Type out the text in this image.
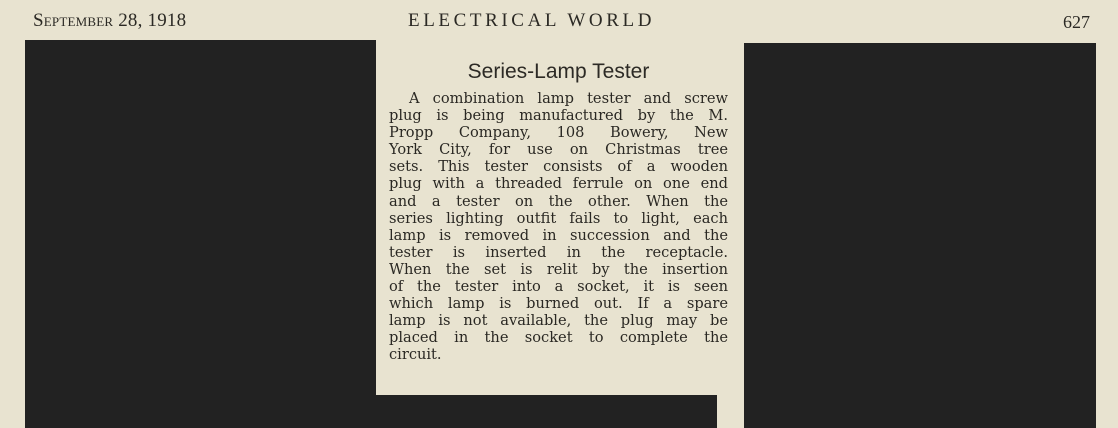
September 28, 1918	ELECTRICAL WORLD	627
Series-Lamp Tester

A combination lamp tester and screw
plug is being manufactured by the M.
Propp Company, 108 Bowery, New
York City, for use on Christmas tree
sets. This tester consists of a wooden
plug with a threaded ferrule on one end
and a tester on the other. When the
series lighting outfit fails to light, each
lamp is removed in succession and the
tester is inserted in the receptacle.
When the set is relit by the insertion
of the tester into a socket, it is seen
which lamp is burned out. If a spare
lamp is not available, the plug may be
placed in the socket to complete the
circuit.
